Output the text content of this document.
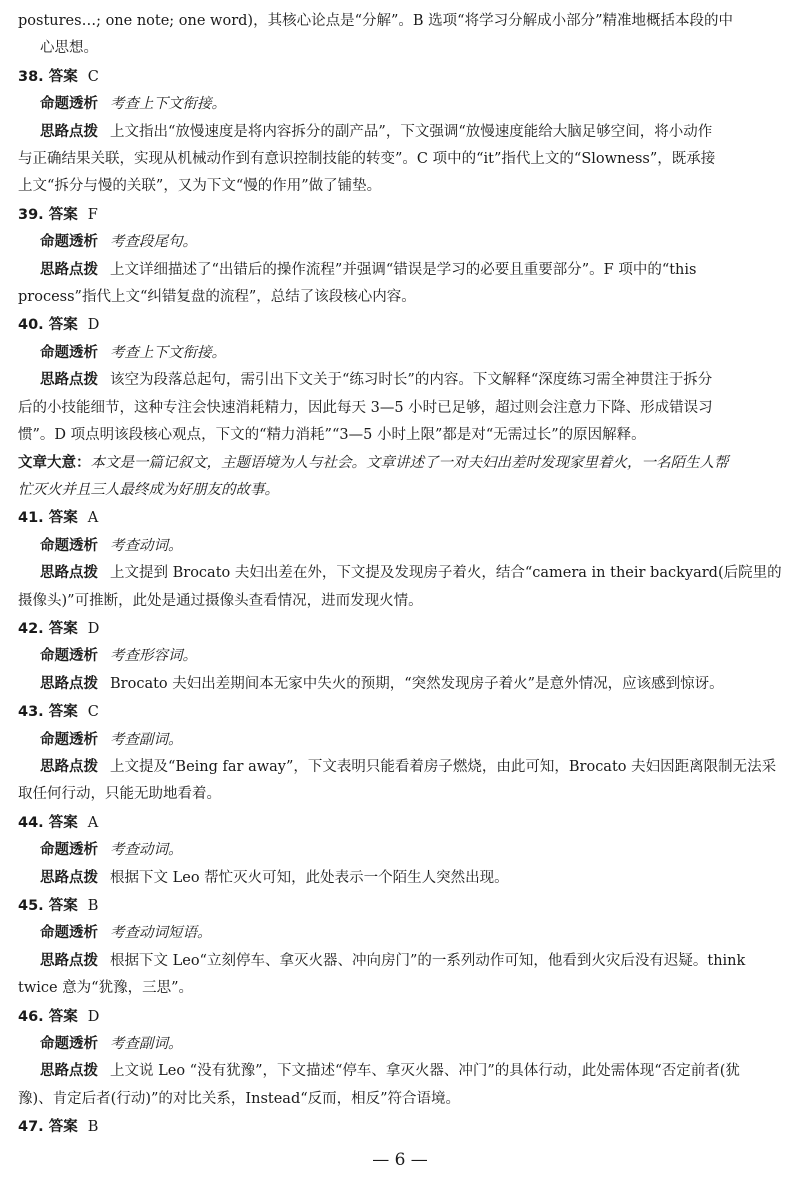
postures…; one note; one word)，其核心论点是“分解”。B 选项“将学习分解成小部分”精准地概括本段的中
心思想。
38. 答案 C
命题透析 考查上下文衔接。
思路点拨 上文指出“放慢速度是将内容拆分的副产品”，下文强调“放慢速度能给大脑足够空间，将小动作
与正确结果关联，实现从机械动作到有意识控制技能的转变”。C 项中的“it”指代上文的“Slowness”，既承接
上文“拆分与慢的关联”，又为下文“慢的作用”做了铺垫。
39. 答案 F
命题透析 考查段尾句。
思路点拨 上文详细描述了“出错后的操作流程”并强调“错误是学习的必要且重要部分”。F 项中的“this
process”指代上文“纠错复盘的流程”，总结了该段核心内容。
40. 答案 D
命题透析 考查上下文衔接。
思路点拨 该空为段落总起句，需引出下文关于“练习时长”的内容。下文解释“深度练习需全神贯注于拆分
后的小技能细节，这种专注会快速消耗精力，因此每天 3—5 小时已足够，超过则会注意力下降、形成错误习
惯”。D 项点明该段核心观点，下文的“精力消耗”“3—5 小时上限”都是对“无需过长”的原因解释。
文章大意：本文是一篇记叙文，主题语境为人与社会。文章讲述了一对夫妇出差时发现家里着火，一名陌生人帮
忙灭火并且三人最终成为好朋友的故事。
41. 答案 A
命题透析 考查动词。
思路点拨 上文提到 Brocato 夫妇出差在外，下文提及发现房子着火，结合“camera in their backyard(后院里的
摄像头)”可推断，此处是通过摄像头查看情况，进而发现火情。
42. 答案 D
命题透析 考查形容词。
思路点拨 Brocato 夫妇出差期间本无家中失火的预期，“突然发现房子着火”是意外情况，应该感到惊讶。
43. 答案 C
命题透析 考查副词。
思路点拨 上文提及“Being far away”，下文表明只能看着房子燃烧，由此可知，Brocato 夫妇因距离限制无法采
取任何行动，只能无助地看着。
44. 答案 A
命题透析 考查动词。
思路点拨 根据下文 Leo 帮忙灭火可知，此处表示一个陌生人突然出现。
45. 答案 B
命题透析 考查动词短语。
思路点拨 根据下文 Leo“立刻停车、拿灭火器、冲向房门”的一系列动作可知，他看到火灾后没有迟疑。think
twice 意为“犹豫，三思”。
46. 答案 D
命题透析 考查副词。
思路点拨 上文说 Leo “没有犹豫”，下文描述“停车、拿灭火器、冲门”的具体行动，此处需体现“否定前者(犹
豫)、肯定后者(行动)”的对比关系，Instead“反而，相反”符合语境。
47. 答案 B
— 6 —
